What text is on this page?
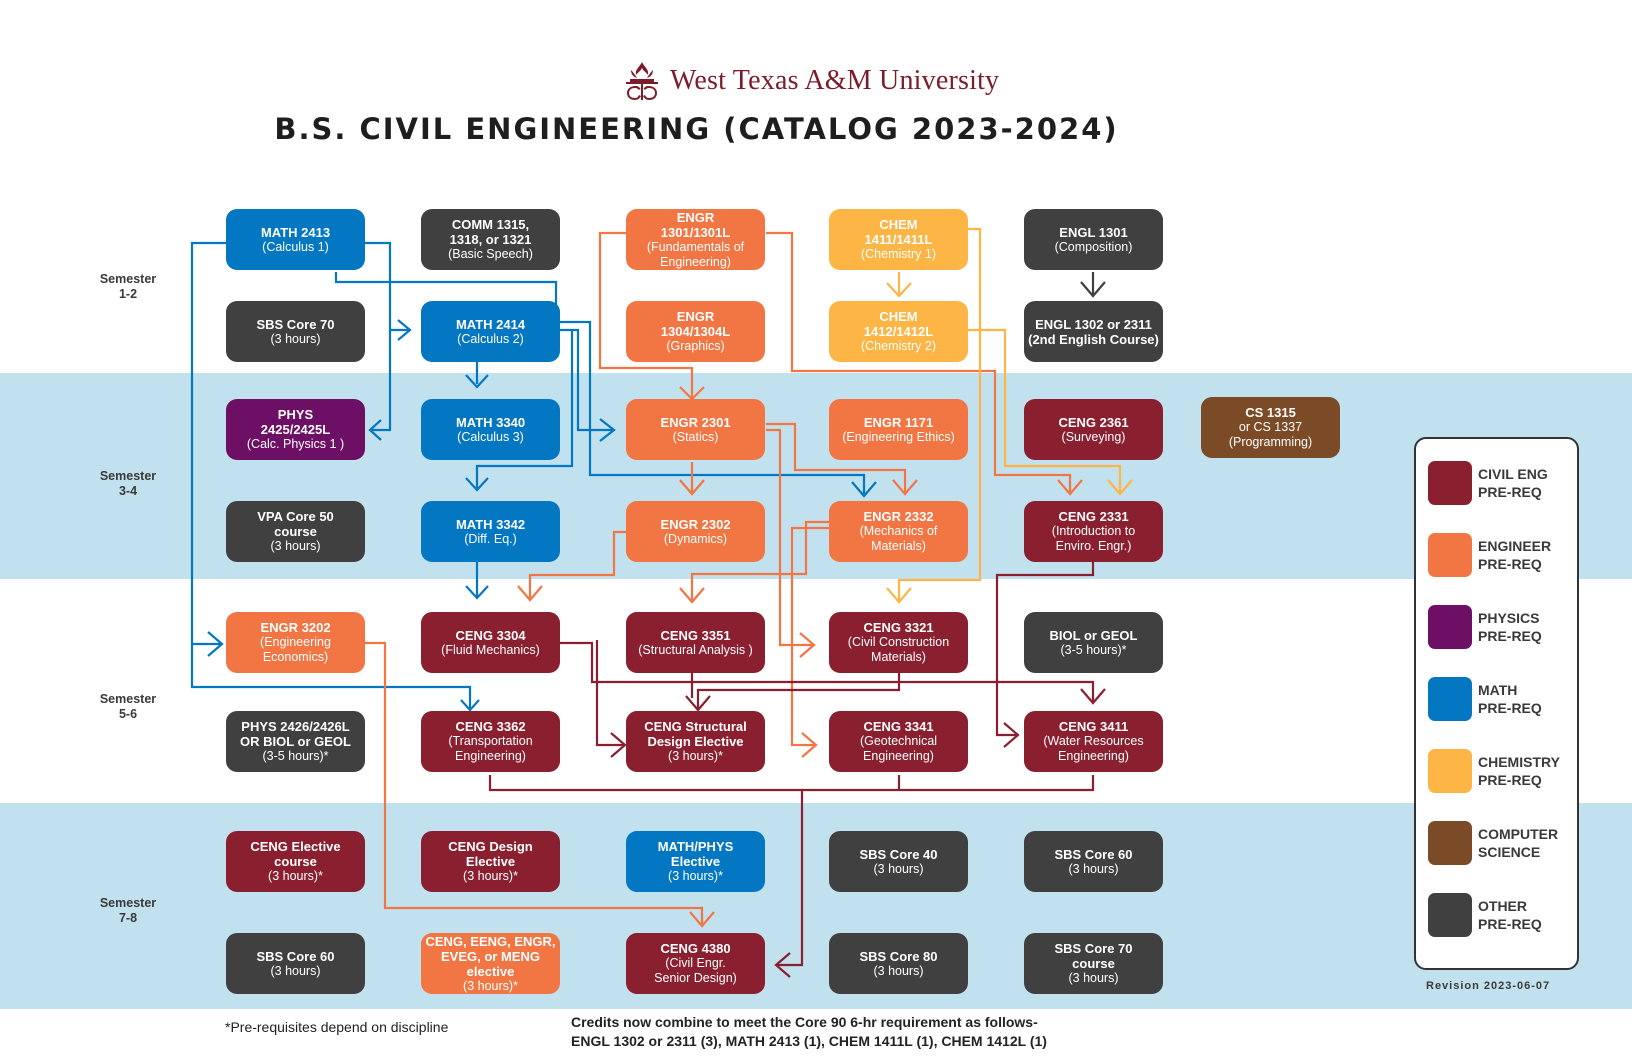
West Texas A&M University
B.S. CIVIL ENGINEERING (CATALOG 2023-2024)
Semester
1-2
Semester
3-4
Semester
5-6
Semester
7-8
MATH 2413
(Calculus 1)
COMM 1315,
1318, or 1321
(Basic Speech)
ENGR
1301/1301L
(Fundamentals of
Engineering)
CHEM
1411/1411L
(Chemistry 1)
ENGL 1301
(Composition)
SBS Core 70
(3 hours)
MATH 2414
(Calculus 2)
ENGR
1304/1304L
(Graphics)
CHEM
1412/1412L
(Chemistry 2)
ENGL 1302 or 2311
(2nd English Course)
PHYS
2425/2425L
(Calc. Physics 1 )
MATH 3340
(Calculus 3)
ENGR 2301
(Statics)
ENGR 1171
(Engineering Ethics)
CENG 2361
(Surveying)
CS 1315
or CS 1337
(Programming)
VPA Core 50
course
(3 hours)
MATH 3342
(Diff. Eq.)
ENGR 2302
(Dynamics)
ENGR 2332
(Mechanics of
Materials)
CENG 2331
(Introduction to
Enviro. Engr.)
ENGR 3202
(Engineering
Economics)
CENG 3304
(Fluid Mechanics)
CENG 3351
(Structural Analysis )
CENG 3321
(Civil Construction
Materials)
BIOL or GEOL
(3-5 hours)*
PHYS 2426/2426L
OR BIOL or GEOL
(3-5 hours)*
CENG 3362
(Transportation
Engineering)
CENG Structural
Design Elective
(3 hours)*
CENG 3341
(Geotechnical
Engineering)
CENG 3411
(Water Resources
Engineering)
CENG Elective
course
(3 hours)*
CENG Design
Elective
(3 hours)*
MATH/PHYS
Elective
(3 hours)*
SBS Core 40
(3 hours)
SBS Core 60
(3 hours)
SBS Core 60
(3 hours)
CENG, EENG, ENGR,
EVEG, or MENG
elective
(3 hours)*
CENG 4380
(Civil Engr.
Senior Design)
SBS Core 80
(3 hours)
SBS Core 70
course
(3 hours)
CIVIL ENG
PRE-REQ
ENGINEER
PRE-REQ
PHYSICS
PRE-REQ
MATH
PRE-REQ
CHEMISTRY
PRE-REQ
COMPUTER
SCIENCE
OTHER
PRE-REQ
Revision 2023-06-07
*Pre-requisites depend on discipline	Credits now combine to meet the Core 90 6-hr requirement as follows-
ENGL 1302 or 2311 (3), MATH 2413 (1), CHEM 1411L (1), CHEM 1412L (1)
